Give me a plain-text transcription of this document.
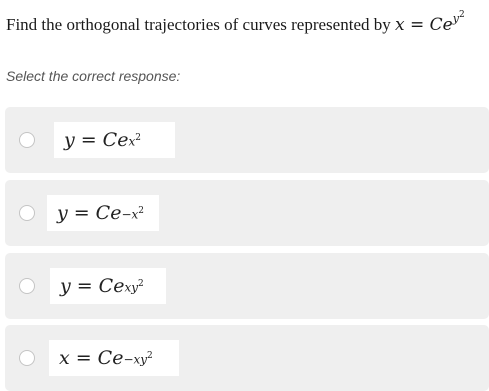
Find the orthogonal trajectories of curves represented by $x = Ce^{y^2}$
Select the correct response:
y = C e $x^2$
y = C $e -x^2$
y = C e $xy^2$
x = C $e -xy^2$
